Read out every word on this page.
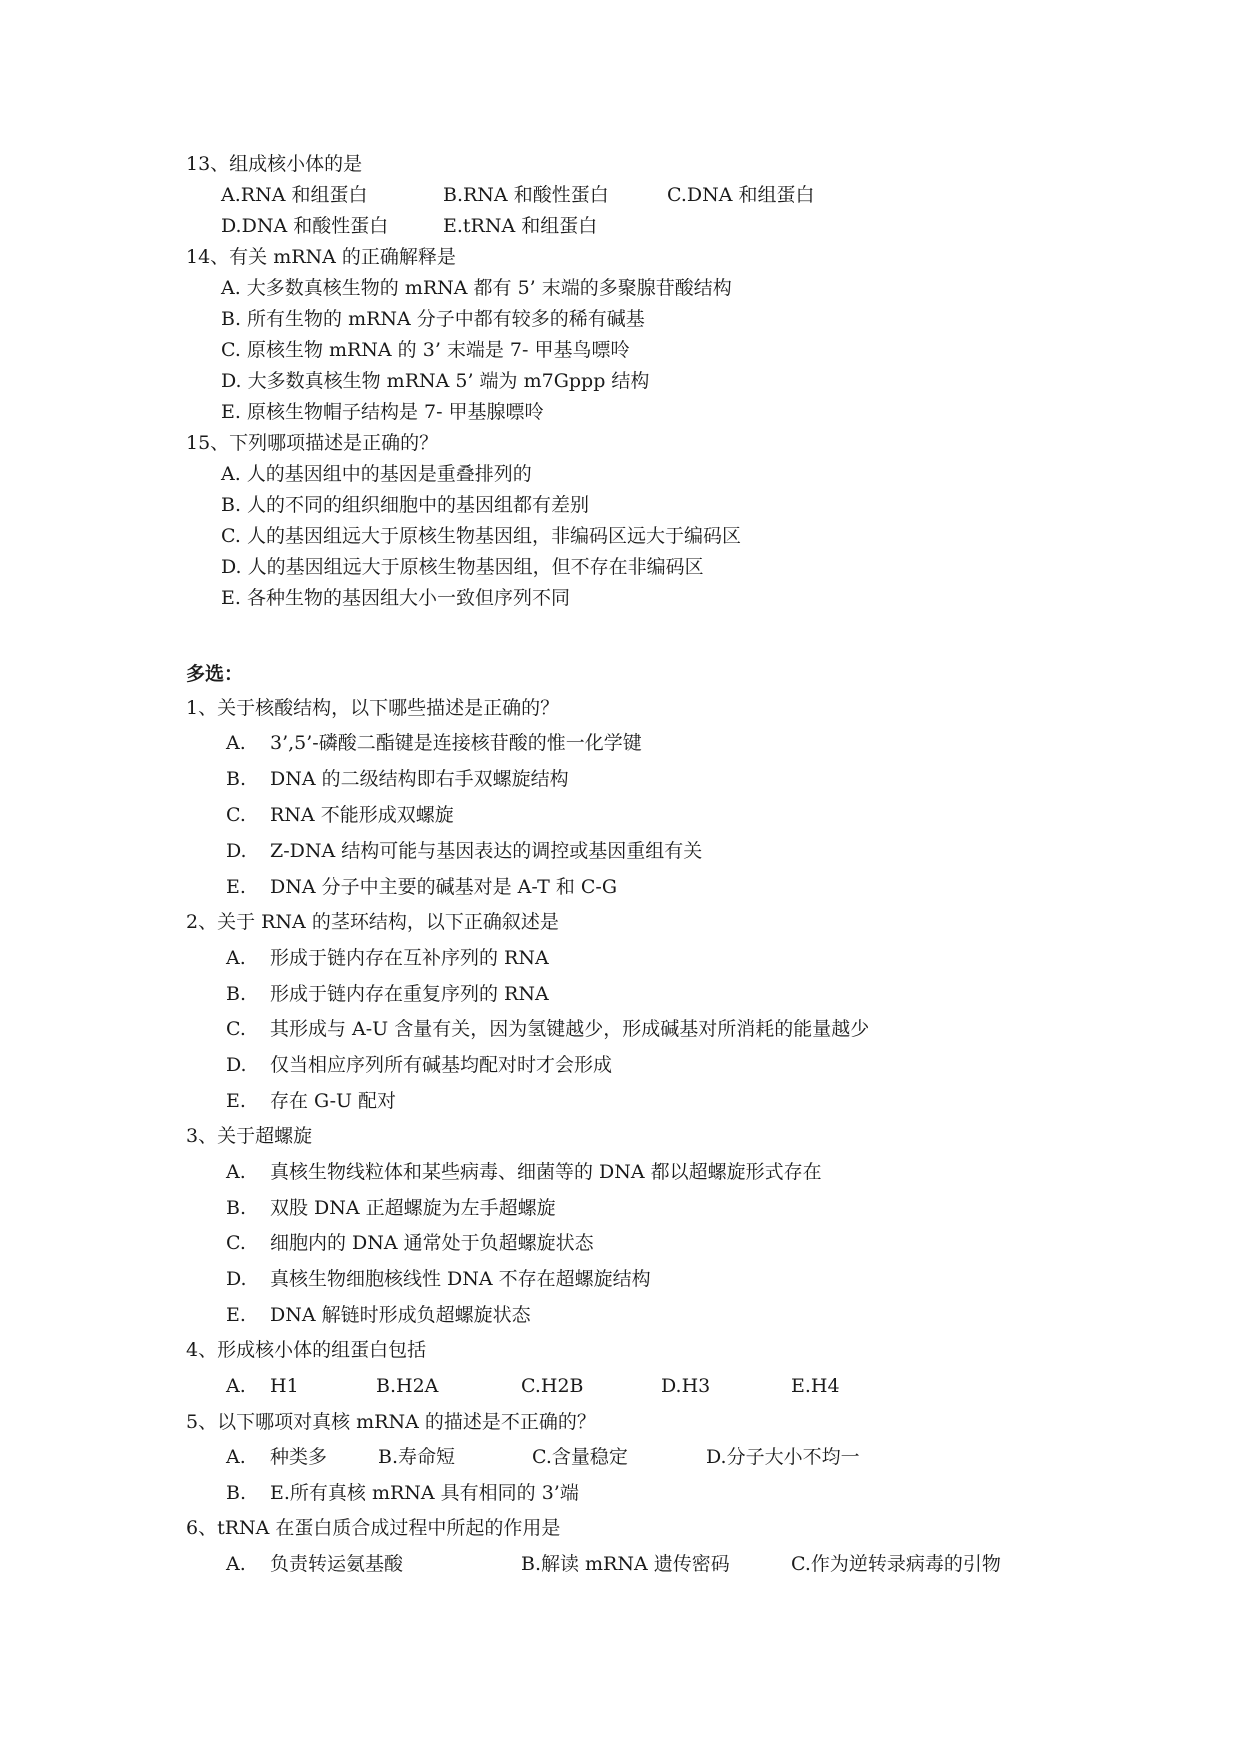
13、组成核小体的是
A.RNA 和组蛋白	B.RNA 和酸性蛋白	C.DNA 和组蛋白
D.DNA 和酸性蛋白	E.tRNA 和组蛋白
14、有关 mRNA 的正确解释是
A. 大多数真核生物的 mRNA 都有 5’ 末端的多聚腺苷酸结构
B. 所有生物的 mRNA 分子中都有较多的稀有碱基
C. 原核生物 mRNA 的 3’ 末端是 7- 甲基鸟嘌呤
D. 大多数真核生物 mRNA 5’ 端为 m7Gppp 结构
E. 原核生物帽子结构是 7- 甲基腺嘌呤
15、下列哪项描述是正确的？
A. 人的基因组中的基因是重叠排列的
B. 人的不同的组织细胞中的基因组都有差别
C. 人的基因组远大于原核生物基因组，非编码区远大于编码区
D. 人的基因组远大于原核生物基因组，但不存在非编码区
E. 各种生物的基因组大小一致但序列不同
多选：
1、关于核酸结构，以下哪些描述是正确的？
A. 3’,5’-磷酸二酯键是连接核苷酸的惟一化学键
B. DNA 的二级结构即右手双螺旋结构
C. RNA 不能形成双螺旋
D. Z-DNA 结构可能与基因表达的调控或基因重组有关
E. DNA 分子中主要的碱基对是 A-T 和 C-G
2、关于 RNA 的茎环结构，以下正确叙述是
A. 形成于链内存在互补序列的 RNA
B. 形成于链内存在重复序列的 RNA
C. 其形成与 A-U 含量有关，因为氢键越少，形成碱基对所消耗的能量越少
D. 仅当相应序列所有碱基均配对时才会形成
E. 存在 G-U 配对
3、关于超螺旋
A. 真核生物线粒体和某些病毒、细菌等的 DNA 都以超螺旋形式存在
B. 双股 DNA 正超螺旋为左手超螺旋
C. 细胞内的 DNA 通常处于负超螺旋状态
D. 真核生物细胞核线性 DNA 不存在超螺旋结构
E. DNA 解链时形成负超螺旋状态
4、形成核小体的组蛋白包括
A. H1	B.H2A	C.H2B	D.H3	E.H4
5、以下哪项对真核 mRNA 的描述是不正确的？
A. 种类多	B.寿命短	C.含量稳定	D.分子大小不均一
B. E.所有真核 mRNA 具有相同的 3’端
6、tRNA 在蛋白质合成过程中所起的作用是
A. 负责转运氨基酸	B.解读 mRNA 遗传密码	C.作为逆转录病毒的引物
